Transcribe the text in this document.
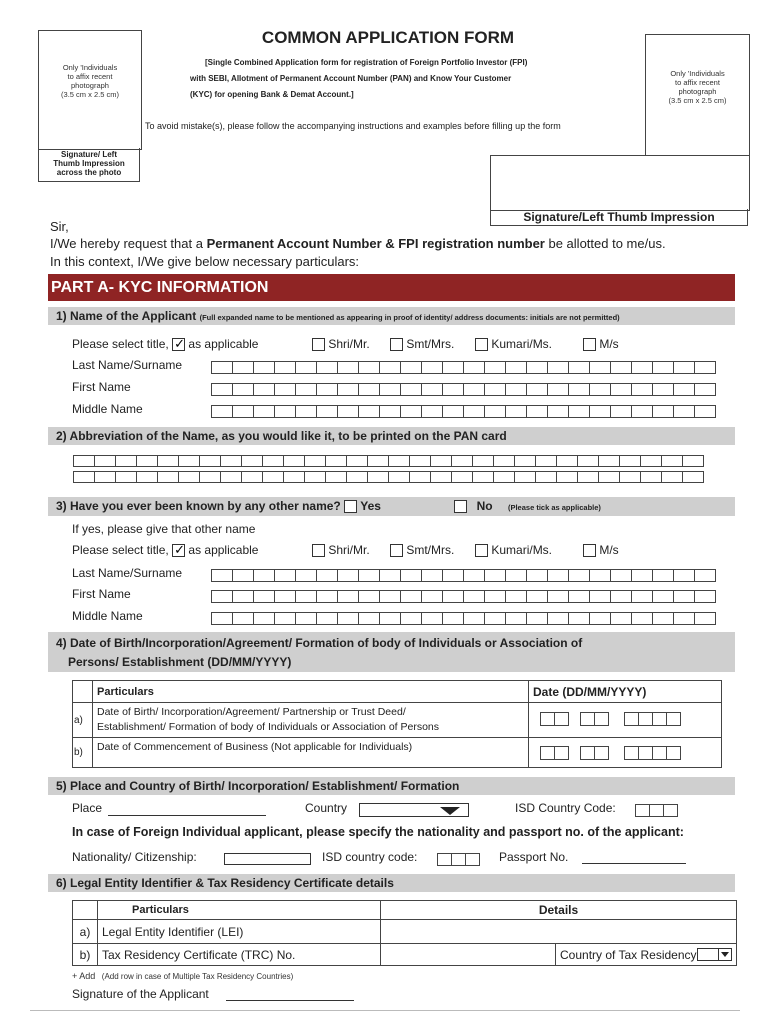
Only 'Individuals
to affix recent
photograph
(3.5 cm x 2.5 cm)
Signature/ Left
Thumb Impression
across the photo
Only 'Individuals
to affix recent
photograph
(3.5 cm x 2.5 cm)
Signature/Left Thumb Impression
COMMON APPLICATION FORM
[Single Combined Application form for registration of Foreign Portfolio Investor (FPI)
with SEBI, Allotment of Permanent Account Number (PAN) and Know Your Customer
(KYC) for opening Bank & Demat Account.]
To avoid mistake(s), please follow the accompanying instructions and examples before filling up the form
Sir,
I/We hereby request that a Permanent Account Number & FPI registration number be allotted to me/us.
In this context, I/We give below necessary particulars:
PART A- KYC INFORMATION
1) Name of the Applicant (Full expanded name to be mentioned as appearing in proof of identity/ address documents: initials are not permitted)
Please select title, ✓ as applicable	Shri/Mr.	Smt/Mrs.	Kumari/Ms.	M/s
Last Name/Surname
First Name
Middle Name
2) Abbreviation of the Name, as you would like it, to be printed on the PAN card
3) Have you ever been known by any other name? Yes	No (Please tick as applicable)
If yes, please give that other name
Please select title, ✓ as applicable	Shri/Mr.	Smt/Mrs.	Kumari/Ms.	M/s
Last Name/Surname
First Name
Middle Name
4) Date of Birth/Incorporation/Agreement/ Formation of body of Individuals or Association of
Persons/ Establishment (DD/MM/YYYY)
	Particulars	Date (DD/MM/YYYY)
a)	Date of Birth/ Incorporation/Agreement/ Partnership or Trust Deed/
Establishment/ Formation of body of Individuals or Association of Persons	

b)	Date of Commencement of Business (Not applicable for Individuals)	
5) Place and Country of Birth/ Incorporation/ Establishment/ Formation
Place	Country	ISD Country Code:
In case of Foreign Individual applicant, please specify the nationality and passport no. of the applicant:
Nationality/ Citizenship:	ISD country code:	Passport No.
6) Legal Entity Identifier & Tax Residency Certificate details
	Particulars	Details	
a)	Legal Entity Identifier (LEI)		
b)	Tax Residency Certificate (TRC) No.		Country of Tax Residency
+ Add (Add row in case of Multiple Tax Residency Countries)
Signature of the Applicant
